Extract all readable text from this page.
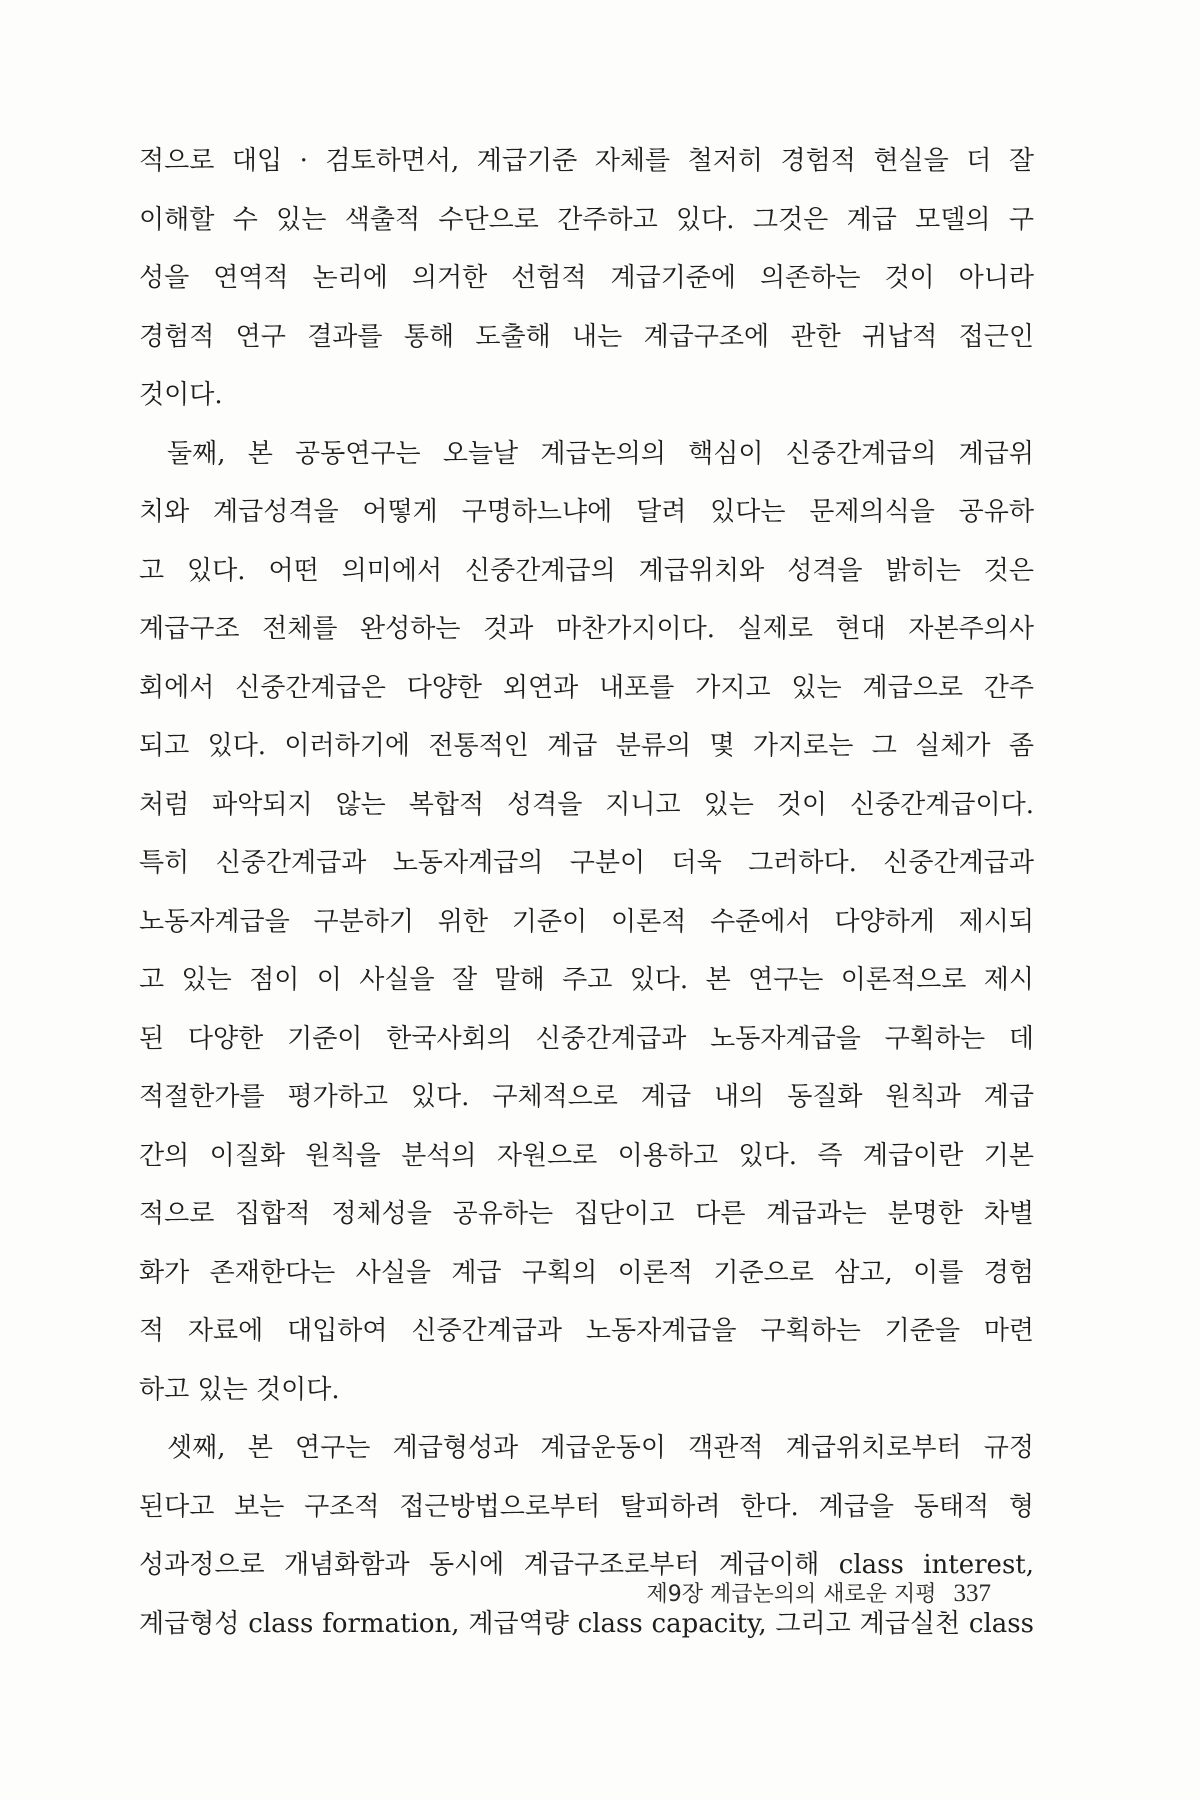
적으로 대입 · 검토하면서, 계급기준 자체를 철저히 경험적 현실을 더 잘
이해할 수 있는 색출적 수단으로 간주하고 있다. 그것은 계급 모델의 구
성을 연역적 논리에 의거한 선험적 계급기준에 의존하는 것이 아니라
경험적 연구 결과를 통해 도출해 내는 계급구조에 관한 귀납적 접근인
것이다.
둘째, 본 공동연구는 오늘날 계급논의의 핵심이 신중간계급의 계급위
치와 계급성격을 어떻게 구명하느냐에 달려 있다는 문제의식을 공유하
고 있다. 어떤 의미에서 신중간계급의 계급위치와 성격을 밝히는 것은
계급구조 전체를 완성하는 것과 마찬가지이다. 실제로 현대 자본주의사
회에서 신중간계급은 다양한 외연과 내포를 가지고 있는 계급으로 간주
되고 있다. 이러하기에 전통적인 계급 분류의 몇 가지로는 그 실체가 좀
처럼 파악되지 않는 복합적 성격을 지니고 있는 것이 신중간계급이다.
특히 신중간계급과 노동자계급의 구분이 더욱 그러하다. 신중간계급과
노동자계급을 구분하기 위한 기준이 이론적 수준에서 다양하게 제시되
고 있는 점이 이 사실을 잘 말해 주고 있다. 본 연구는 이론적으로 제시
된 다양한 기준이 한국사회의 신중간계급과 노동자계급을 구획하는 데
적절한가를 평가하고 있다. 구체적으로 계급 내의 동질화 원칙과 계급
간의 이질화 원칙을 분석의 자원으로 이용하고 있다. 즉 계급이란 기본
적으로 집합적 정체성을 공유하는 집단이고 다른 계급과는 분명한 차별
화가 존재한다는 사실을 계급 구획의 이론적 기준으로 삼고, 이를 경험
적 자료에 대입하여 신중간계급과 노동자계급을 구획하는 기준을 마련
하고 있는 것이다.
셋째, 본 연구는 계급형성과 계급운동이 객관적 계급위치로부터 규정
된다고 보는 구조적 접근방법으로부터 탈피하려 한다. 계급을 동태적 형
성과정으로 개념화함과 동시에 계급구조로부터 계급이해 class interest,
계급형성 class formation, 계급역량 class capacity, 그리고 계급실천 class
제9장 계급논의의 새로운 지평 337
